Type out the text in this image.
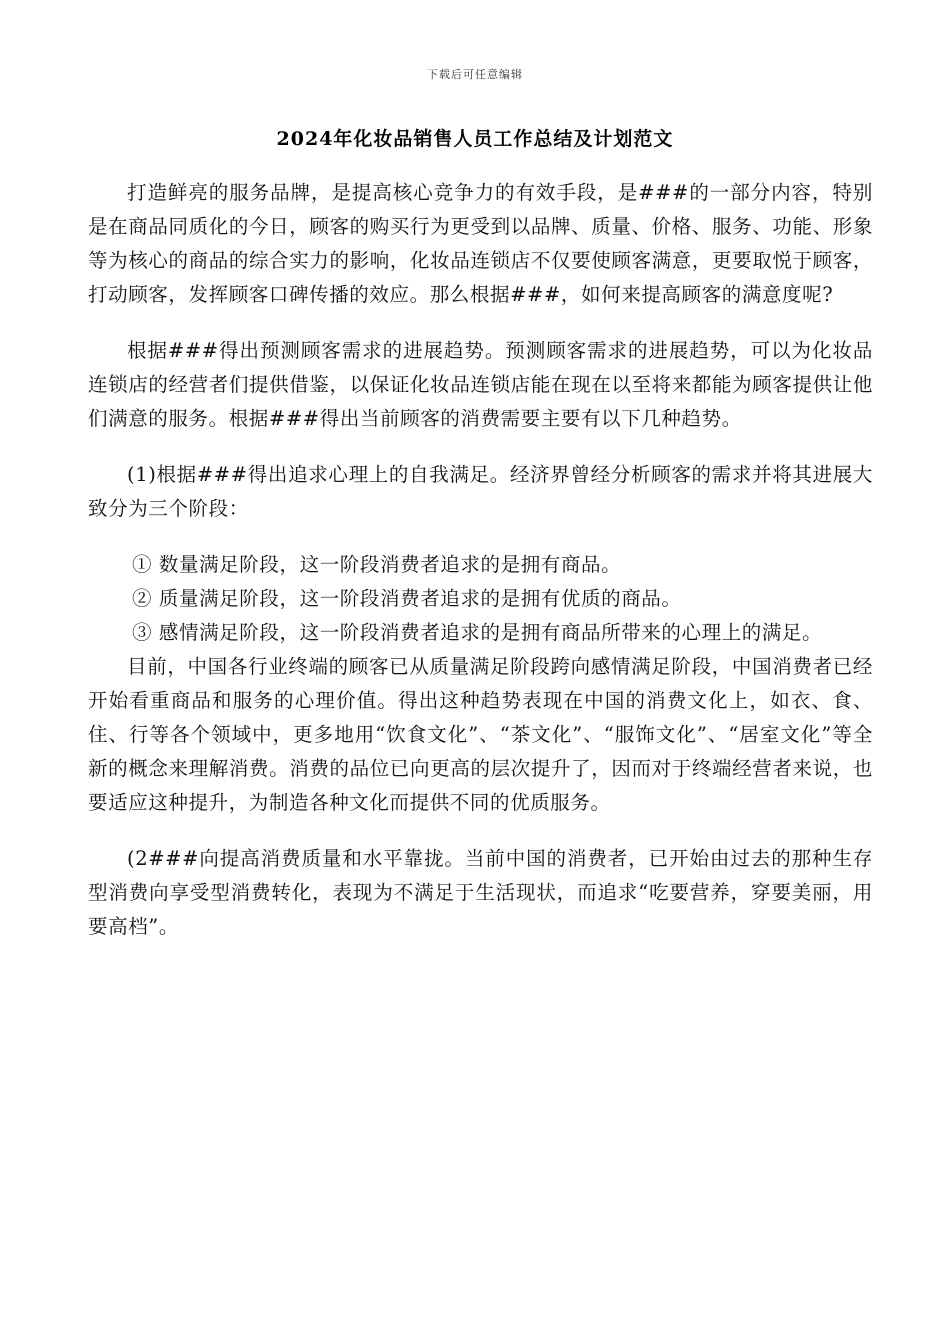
下载后可任意编辑
2024年化妆品销售人员工作总结及计划范文

打造鲜亮的服务品牌，是提高核心竞争力的有效手段，是###的一部分内容，特别是在商品同质化的今日，顾客的购买行为更受到以品牌、质量、价格、服务、功能、形象等为核心的商品的综合实力的影响，化妆品连锁店不仅要使顾客满意，更要取悦于顾客，打动顾客，发挥顾客口碑传播的效应。那么根据###，如何来提高顾客的满意度呢?

根据###得出预测顾客需求的进展趋势。预测顾客需求的进展趋势，可以为化妆品连锁店的经营者们提供借鉴，以保证化妆品连锁店能在现在以至将来都能为顾客提供让他们满意的服务。根据###得出当前顾客的消费需要主要有以下几种趋势。

(1)根据###得出追求心理上的自我满足。经济界曾经分析顾客的需求并将其进展大致分为三个阶段：

① 数量满足阶段，这一阶段消费者追求的是拥有商品。

② 质量满足阶段，这一阶段消费者追求的是拥有优质的商品。

③ 感情满足阶段，这一阶段消费者追求的是拥有商品所带来的心理上的满足。

目前，中国各行业终端的顾客已从质量满足阶段跨向感情满足阶段，中国消费者已经开始看重商品和服务的心理价值。得出这种趋势表现在中国的消费文化上，如衣、食、住、行等各个领域中，更多地用“饮食文化”、“茶文化”、“服饰文化”、“居室文化”等全新的概念来理解消费。消费的品位已向更高的层次提升了，因而对于终端经营者来说，也要适应这种提升，为制造各种文化而提供不同的优质服务。

(2###向提高消费质量和水平靠拢。当前中国的消费者，已开始由过去的那种生存型消费向享受型消费转化，表现为不满足于生活现状，而追求“吃要营养，穿要美丽，用要高档”。
